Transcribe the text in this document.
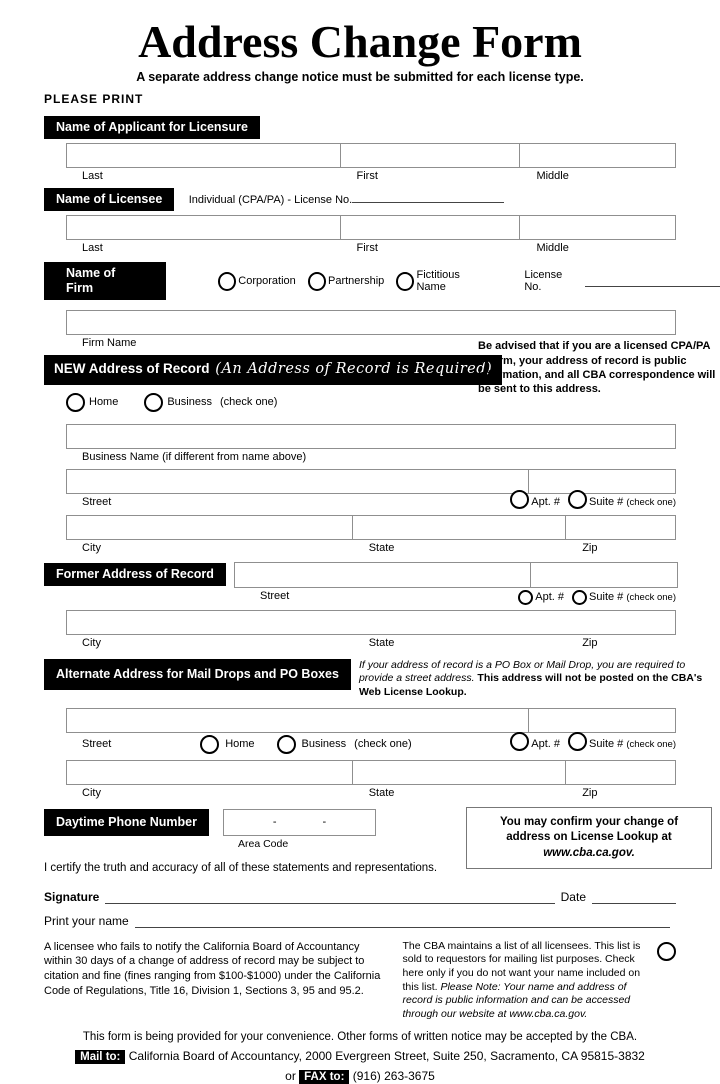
Address Change Form
A separate address change notice must be submitted for each license type.
PLEASE PRINT
Name of Applicant for Licensure
Last	First	Middle
Name of Licensee Individual (CPA/PA) - License No.
Last	First	Middle
Name of Firm	Corporation	Partnership	Fictitious Name
License No.
Firm Name	Be advised that if you are a licensed CPA/PA or firm, your address of record is public information, and all CBA correspondence will be sent to this address.
NEW Address of Record (An Address of Record is Required)
Home	Business (check one)
Business Name (if different from name above)
Street	Apt. #	Suite #
(check one)
City	State	Zip
Former Address of Record
Street	Apt. # Suite #
(check one)
City	State	Zip
Alternate Address for Mail Drops and PO Boxes
If your address of record is a PO Box or Mail Drop, you are required to provide a street address. This address will not be posted on the CBA's Web License Lookup.
Street	Home	Business (check one)	Apt. #	Suite #
(check one)
City	State	Zip
You may confirm your change of
address on License Lookup at
www.cba.ca.gov.
Daytime Phone Number	-	-
Area Code
I certify the truth and accuracy of all of these statements and representations.
Signature	Date
Print your name
A licensee who fails to notify the California Board of Accountancy within 30 days of a change of address of record may be subject to citation and fine (fines ranging from $100-$1000) under the California Code of Regulations, Title 16, Division 1, Sections 3, 95 and 95.2.
The CBA maintains a list of all licensees. This list is sold to requestors for mailing list purposes. Check here only if you do not want your name included on this list. Please Note: Your name and address of record is public information and can be accessed through our website at www.cba.ca.gov.
This form is being provided for your convenience. Other forms of written notice may be accepted by the CBA.
Mail to: California Board of Accountancy, 2000 Evergreen Street, Suite 250, Sacramento, CA 95815-3832
or FAX to: (916) 263-3675
